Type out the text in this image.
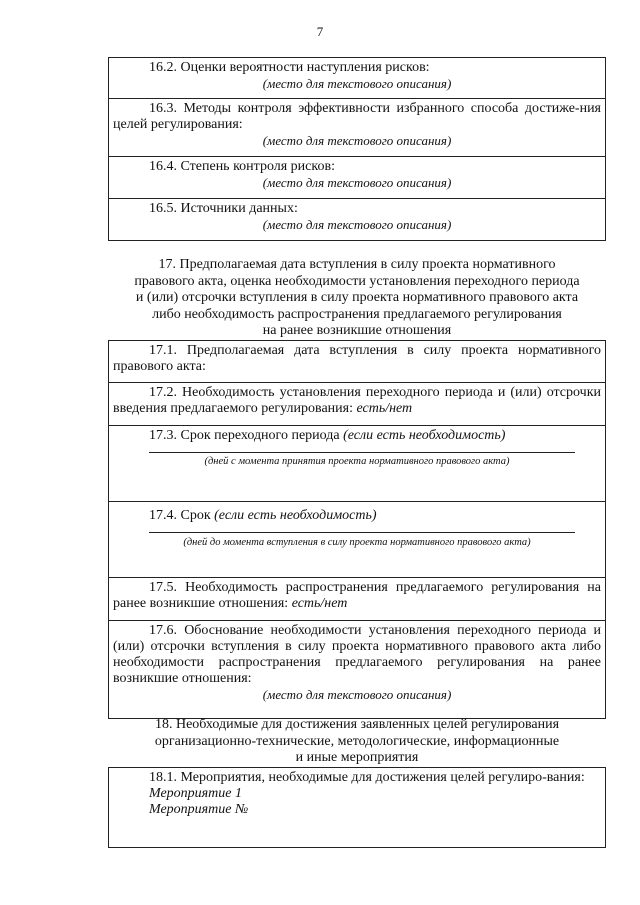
7
16.2. Оценки вероятности наступления рисков:
(место для текстового описания)
16.3. Методы контроля эффективности избранного способа достиже-ния целей регулирования:
(место для текстового описания)
16.4. Степень контроля рисков:
(место для текстового описания)
16.5. Источники данных:
(место для текстового описания)
17. Предполагаемая дата вступления в силу проекта нормативного
правового акта, оценка необходимости установления переходного периода
и (или) отсрочки вступления в силу проекта нормативного правового акта
либо необходимость распространения предлагаемого регулирования
на ранее возникшие отношения
17.1. Предполагаемая дата вступления в силу проекта нормативного правового акта:
17.2. Необходимость установления переходного периода и (или) отсрочки введения предлагаемого регулирования: есть/нет
17.3. Срок переходного периода (если есть необходимость)
(дней с момента принятия проекта нормативного правового акта)
17.4. Срок (если есть необходимость)
(дней до момента вступления в силу проекта нормативного правового акта)
17.5. Необходимость распространения предлагаемого регулирования на ранее возникшие отношения: есть/нет
17.6. Обоснование необходимости установления переходного периода и (или) отсрочки вступления в силу проекта нормативного правового акта либо необходимости распространения предлагаемого регулирования на ранее возникшие отношения:
(место для текстового описания)
18. Необходимые для достижения заявленных целей регулирования
организационно-технические, методологические, информационные
и иные мероприятия
18.1. Мероприятия, необходимые для достижения целей регулиро-вания:
Мероприятие 1
Мероприятие №
